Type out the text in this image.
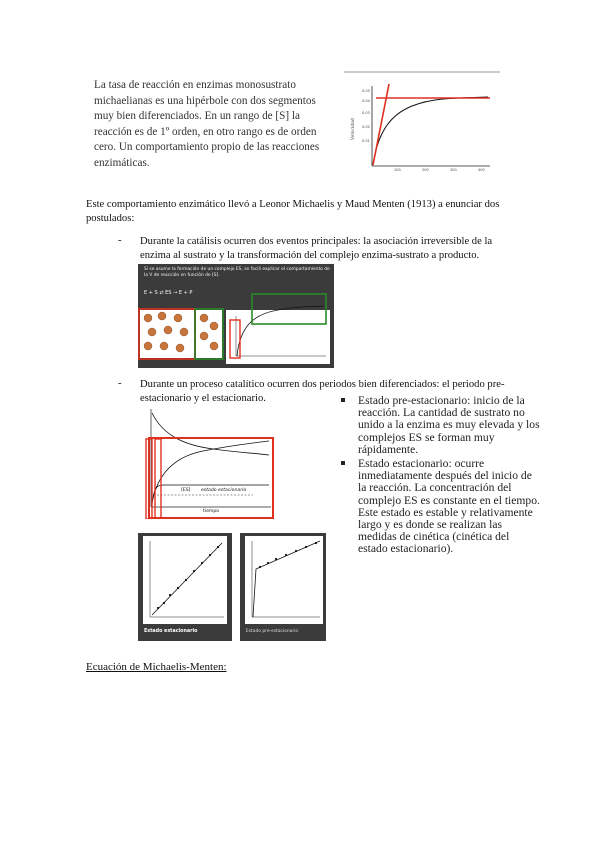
La tasa de reacción en enzimas monosustrato michaelianas es una hipérbole con dos segmentos muy bien diferenciados. En un rango de [S] la reacción es de 1º orden, en otro rango es de orden cero. Un comportamiento propio de las reacciones enzimáticas.
0.05
0.04
0.03
0.02
0.01
100	200	300	400
Velocidad
Este comportamiento enzimático llevó a Leonor Michaelis y Maud Menten (1913) a enunciar dos postulados:
- Durante la catálisis ocurren dos eventos principales: la asociación irreversible de la enzima al sustrato y la transformación del complejo enzima-sustrato a producto.
Si se asume la formación de un complejo ES, se facili explicar el comportamiento de la V de reacción en función de [S].
E + S ⇄ ES → E + P
- Durante un proceso catalítico ocurren dos periodos bien diferenciados: el periodo pre-estacionario y el estacionario.	Estado pre-estacionario: inicio de la reacción. La cantidad de sustrato no unido a la enzima es muy elevada y los complejos ES se forman muy rápidamente.
Estado estacionario: ocurre inmediatamente después del inicio de la reacción. La concentración del complejo ES es constante en el tiempo. Este estado es estable y relativamente largo y es donde se realizan las medidas de cinética (cinética del estado estacionario).
[ES] estado estacionario
tiempo
Estado estacionario	Estado pre-estacionario
Ecuación de Michaelis-Menten:
